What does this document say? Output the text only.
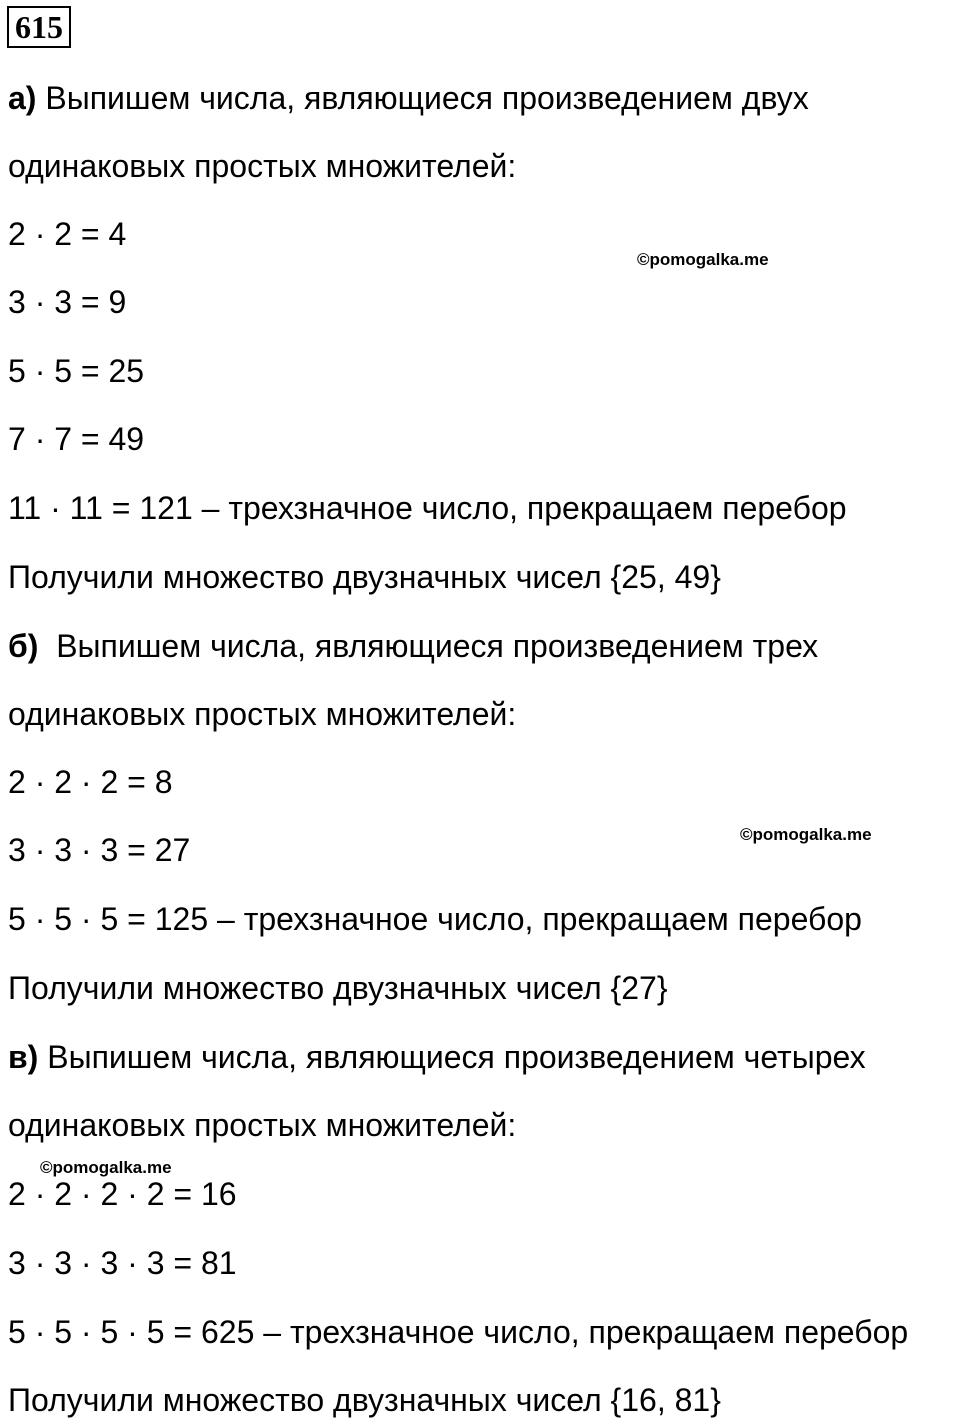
615
а) Выпишем числа, являющиеся произведением двух
одинаковых простых множителей:
2 · 2 = 4
3 · 3 = 9
5 · 5 = 25
7 · 7 = 49
11 · 11 = 121 – трехзначное число, прекращаем перебор
Получили множество двузначных чисел {25, 49}
б)  Выпишем числа, являющиеся произведением трех
одинаковых простых множителей:
2 · 2 · 2 = 8
3 · 3 · 3 = 27
5 · 5 · 5 = 125 – трехзначное число, прекращаем перебор
Получили множество двузначных чисел {27}
в) Выпишем числа, являющиеся произведением четырех
одинаковых простых множителей:
2 · 2 · 2 · 2 = 16
3 · 3 · 3 · 3 = 81
5 · 5 · 5 · 5 = 625 – трехзначное число, прекращаем перебор
Получили множество двузначных чисел {16, 81}
©pomogalka.me
©pomogalka.me
©pomogalka.me
